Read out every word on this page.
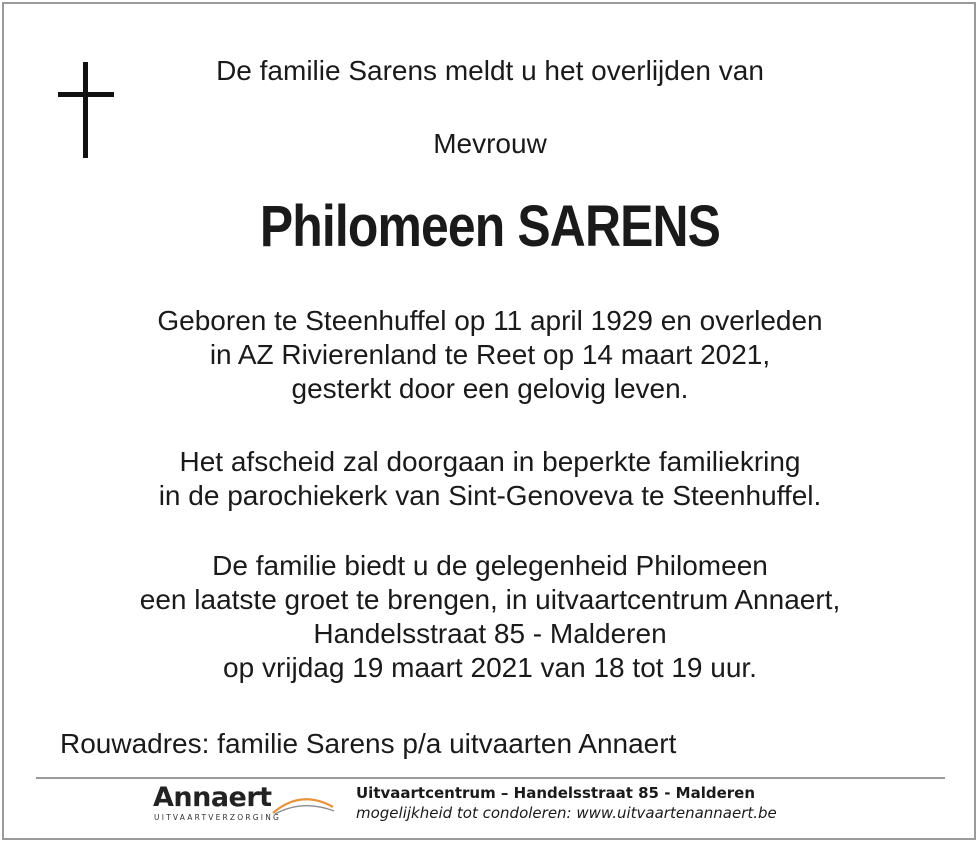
De familie Sarens meldt u het overlijden van
Mevrouw
Philomeen SARENS
Geboren te Steenhuffel op 11 april 1929 en overleden
in AZ Rivierenland te Reet op 14 maart 2021,
gesterkt door een gelovig leven.
Het afscheid zal doorgaan in beperkte familiekring
in de parochiekerk van Sint-Genoveva te Steenhuffel.
De familie biedt u de gelegenheid Philomeen
een laatste groet te brengen, in uitvaartcentrum Annaert,
Handelsstraat 85 - Malderen
op vrijdag 19 maart 2021 van 18 tot 19 uur.
Rouwadres: familie Sarens p/a uitvaarten Annaert
Annaert
UITVAARTVERZORGING
Uitvaartcentrum – Handelsstraat 85 - Malderen
mogelijkheid tot condoleren: www.uitvaartenannaert.be
